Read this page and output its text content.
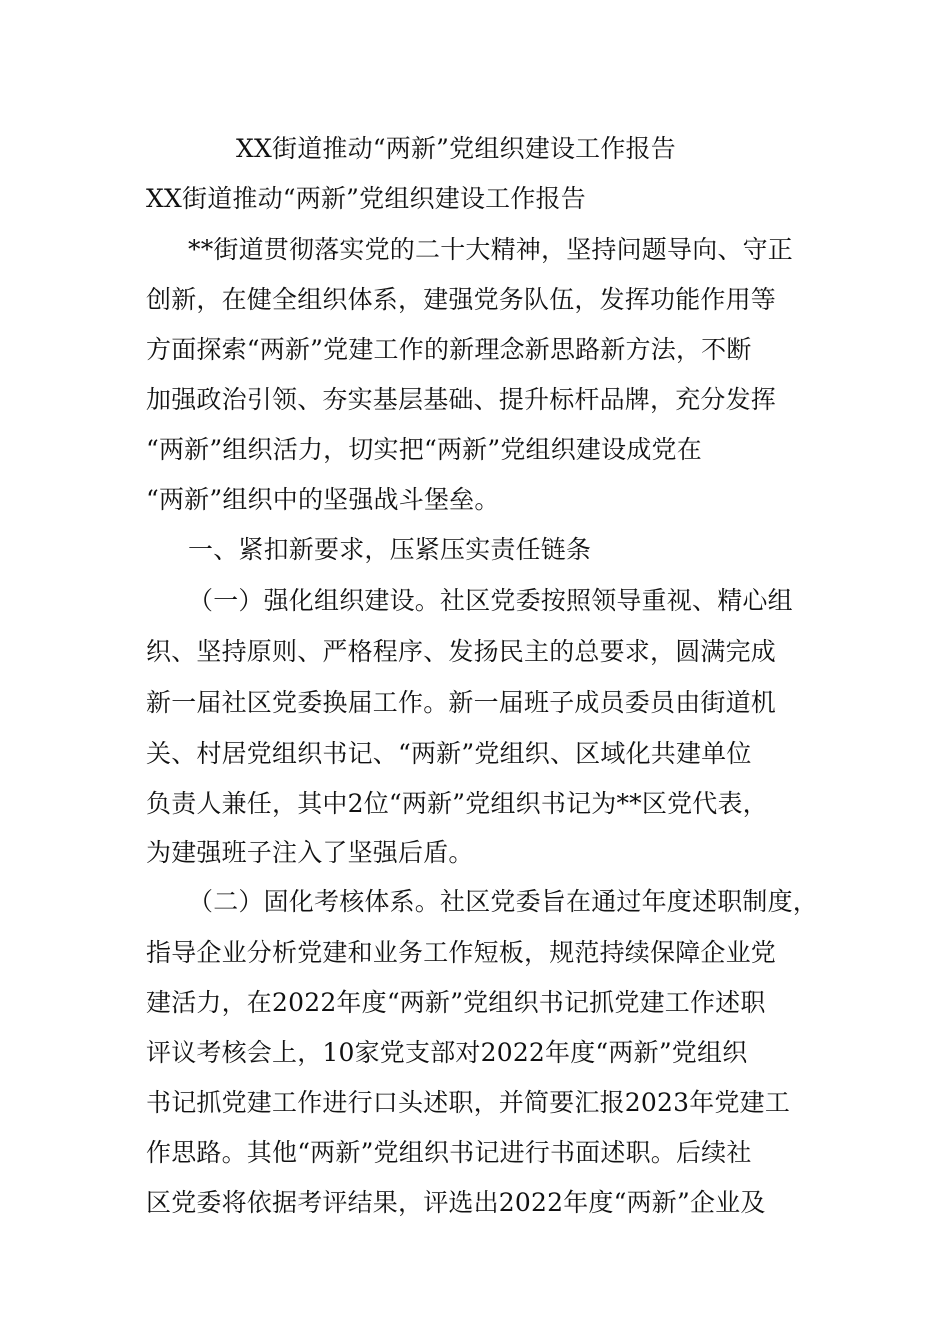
XX街道推动“两新”党组织建设工作报告
XX街道推动“两新”党组织建设工作报告
**街道贯彻落实党的二十大精神，坚持问题导向、守正
创新，在健全组织体系，建强党务队伍，发挥功能作用等
方面探索“两新”党建工作的新理念新思路新方法，不断
加强政治引领、夯实基层基础、提升标杆品牌，充分发挥
“两新”组织活力，切实把“两新”党组织建设成党在
“两新”组织中的坚强战斗堡垒。
一、紧扣新要求，压紧压实责任链条
（一）强化组织建设。社区党委按照领导重视、精心组
织、坚持原则、严格程序、发扬民主的总要求，圆满完成
新一届社区党委换届工作。新一届班子成员委员由街道机
关、村居党组织书记、“两新”党组织、区域化共建单位
负责人兼任，其中2位“两新”党组织书记为**区党代表，
为建强班子注入了坚强后盾。
（二）固化考核体系。社区党委旨在通过年度述职制度，
指导企业分析党建和业务工作短板，规范持续保障企业党
建活力，在2022年度“两新”党组织书记抓党建工作述职
评议考核会上，10家党支部对2022年度“两新”党组织
书记抓党建工作进行口头述职，并简要汇报2023年党建工
作思路。其他“两新”党组织书记进行书面述职。后续社
区党委将依据考评结果，评选出2022年度“两新”企业及
